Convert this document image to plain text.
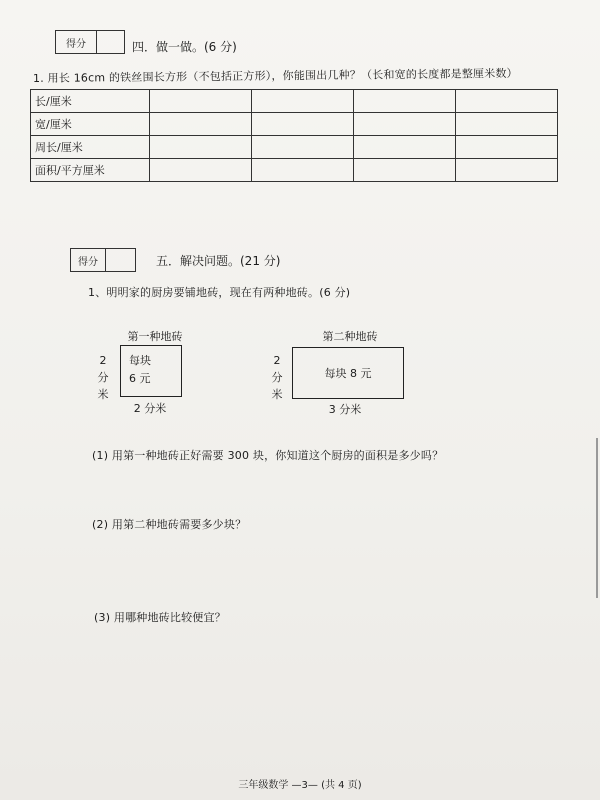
得分	四．做一做。(6 分)
1. 用长 16cm 的铁丝围长方形（不包括正方形），你能围出几种？（长和宽的长度都是整厘米数）
长/厘米				
宽/厘米				
周长/厘米				
面积/平方厘米				
得分	五．解决问题。(21 分)
1、明明家的厨房要铺地砖，现在有两种地砖。(6 分)
第一种地砖
2
分
米
每块
6 元
2 分米
第二种地砖
2
分
米
每块 8 元
3 分米
(1) 用第一种地砖正好需要 300 块，你知道这个厨房的面积是多少吗？
(2) 用第二种地砖需要多少块？
(3) 用哪种地砖比较便宜？
三年级数学 —3— (共 4 页)
